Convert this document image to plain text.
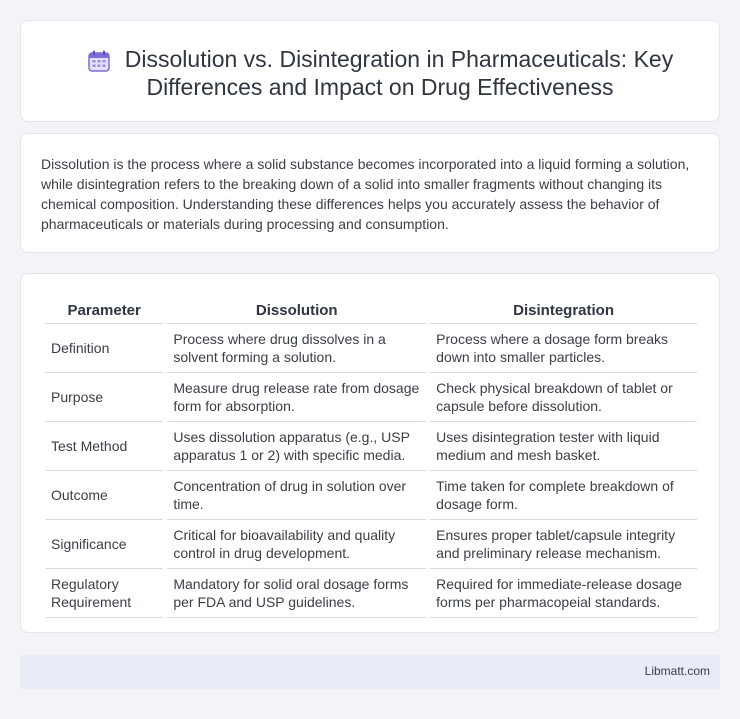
Dissolution vs. Disintegration in Pharmaceuticals: Key Differences and Impact on Drug Effectiveness

Dissolution is the process where a solid substance becomes incorporated into a liquid forming a solution, while disintegration refers to the breaking down of a solid into smaller fragments without changing its chemical composition. Understanding these differences helps you accurately assess the behavior of pharmaceuticals or materials during processing and consumption.

Parameter	Dissolution	Disintegration
Definition	Process where drug dissolves in a solvent forming a solution.	Process where a dosage form breaks down into smaller particles.
Purpose	Measure drug release rate from dosage form for absorption.	Check physical breakdown of tablet or capsule before dissolution.
Test Method	Uses dissolution apparatus (e.g., USP apparatus 1 or 2) with specific media.	Uses disintegration tester with liquid medium and mesh basket.
Outcome	Concentration of drug in solution over time.	Time taken for complete breakdown of dosage form.
Significance	Critical for bioavailability and quality control in drug development.	Ensures proper tablet/capsule integrity and preliminary release mechanism.
Regulatory Requirement	Mandatory for solid oral dosage forms per FDA and USP guidelines.	Required for immediate-release dosage forms per pharmacopeial standards.
Libmatt.com
